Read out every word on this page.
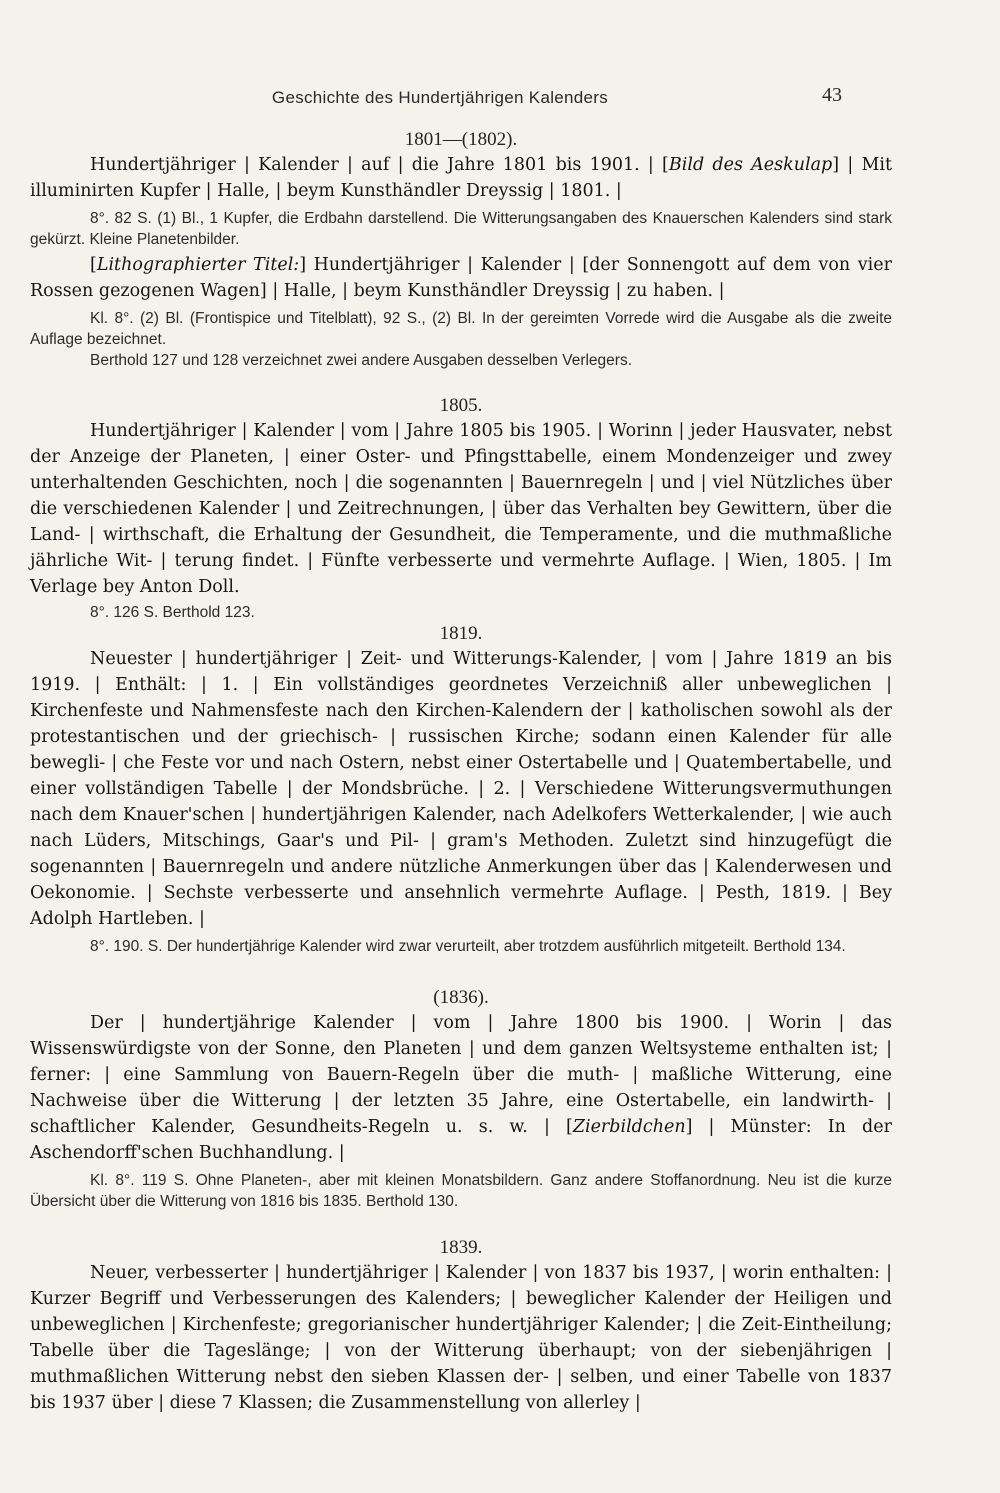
Geschichte des Hundertjährigen Kalenders	43

1801—(1802).

Hundertjähriger | Kalender | auf | die Jahre 1801 bis 1901. | [Bild des Aeskulap] | Mit illuminirten Kupfer | Halle, | beym Kunsthändler Dreyssig | 1801. |

8°. 82 S. (1) Bl., 1 Kupfer, die Erdbahn darstellend. Die Witterungsangaben des Knauerschen Kalenders sind stark gekürzt. Kleine Planetenbilder.

[Lithographierter Titel:] Hundertjähriger | Kalender | [der Sonnengott auf dem von vier Rossen gezogenen Wagen] | Halle, | beym Kunsthändler Dreyssig | zu haben. |

Kl. 8°. (2) Bl. (Frontispice und Titelblatt), 92 S., (2) Bl. In der gereimten Vorrede wird die Ausgabe als die zweite Auflage bezeichnet.

Berthold 127 und 128 verzeichnet zwei andere Ausgaben desselben Verlegers.

1805.

Hundertjähriger | Kalender | vom | Jahre 1805 bis 1905. | Worinn | jeder Hausvater, nebst der Anzeige der Planeten, | einer Oster- und Pfingsttabelle, einem Mondenzeiger und zwey unterhaltenden Geschichten, noch | die sogenannten | Bauernregeln | und | viel Nützliches über die verschiedenen Kalender | und Zeitrechnungen, | über das Verhalten bey Gewittern, über die Land- | wirthschaft, die Erhaltung der Gesundheit, die Temperamente, und die muthmaßliche jährliche Wit- | terung findet. | Fünfte verbesserte und vermehrte Auflage. | Wien, 1805. | Im Verlage bey Anton Doll.

8°. 126 S. Berthold 123.

1819.

Neuester | hundertjähriger | Zeit- und Witterungs-Kalender, | vom | Jahre 1819 an bis 1919. | Enthält: | 1. | Ein vollständiges geordnetes Verzeichniß aller unbeweglichen | Kirchenfeste und Nahmensfeste nach den Kirchen-Kalendern der | katholischen sowohl als der protestantischen und der griechisch- | russischen Kirche; sodann einen Kalender für alle bewegli- | che Feste vor und nach Ostern, nebst einer Ostertabelle und | Quatembertabelle, und einer vollständigen Tabelle | der Mondsbrüche. | 2. | Verschiedene Witterungsvermuthungen nach dem Knauer'schen | hundertjährigen Kalender, nach Adelkofers Wetterkalender, | wie auch nach Lüders, Mitschings, Gaar's und Pil- | gram's Methoden. Zuletzt sind hinzugefügt die sogenannten | Bauernregeln und andere nützliche Anmerkungen über das | Kalenderwesen und Oekonomie. | Sechste verbesserte und ansehnlich vermehrte Auflage. | Pesth, 1819. | Bey Adolph Hartleben. |

8°. 190. S. Der hundertjährige Kalender wird zwar verurteilt, aber trotzdem ausführlich mitgeteilt. Berthold 134.

(1836).

Der | hundertjährige Kalender | vom | Jahre 1800 bis 1900. | Worin | das Wissenswürdigste von der Sonne, den Planeten | und dem ganzen Weltsysteme enthalten ist; | ferner: | eine Sammlung von Bauern-Regeln über die muth- | maßliche Witterung, eine Nachweise über die Witterung | der letzten 35 Jahre, eine Ostertabelle, ein landwirth- | schaftlicher Kalender, Gesundheits-Regeln u. s. w. | [Zierbildchen] | Münster: In der Aschendorff'schen Buchhandlung. |

Kl. 8°. 119 S. Ohne Planeten-, aber mit kleinen Monatsbildern. Ganz andere Stoffanordnung. Neu ist die kurze Übersicht über die Witterung von 1816 bis 1835. Berthold 130.

1839.

Neuer, verbesserter | hundertjähriger | Kalender | von 1837 bis 1937, | worin enthalten: | Kurzer Begriff und Verbesserungen des Kalenders; | beweglicher Kalender der Heiligen und unbeweglichen | Kirchenfeste; gregorianischer hundertjähriger Kalender; | die Zeit-Eintheilung; Tabelle über die Tageslänge; | von der Witterung überhaupt; von der siebenjährigen | muthmaßlichen Witterung nebst den sieben Klassen der- | selben, und einer Tabelle von 1837 bis 1937 über | diese 7 Klassen; die Zusammenstellung von allerley |
